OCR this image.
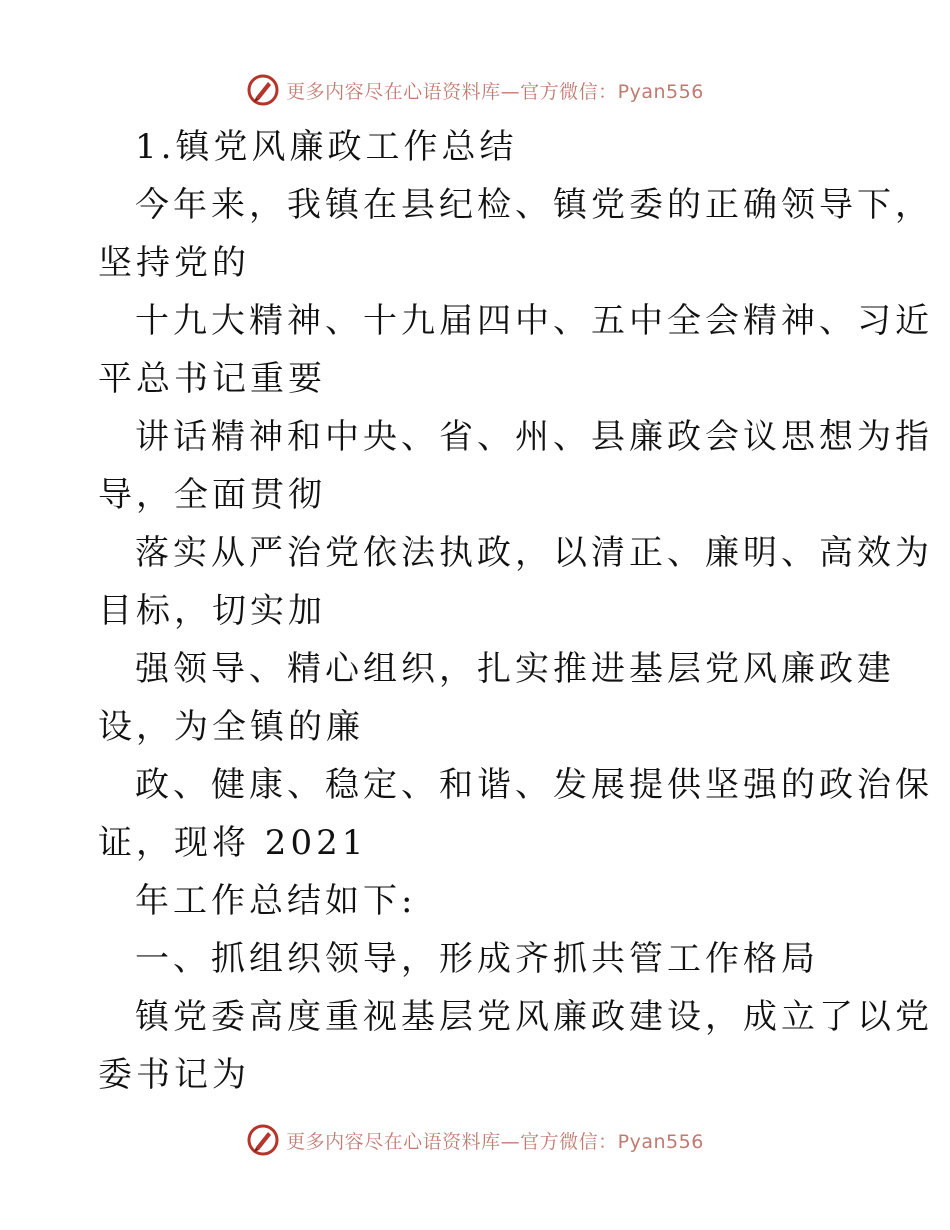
更多内容尽在心语资料库—官方微信：Pyan556
1.镇党风廉政工作总结
今年来，我镇在县纪检、镇党委的正确领导下，
坚持党的
十九大精神、十九届四中、五中全会精神、习近
平总书记重要
讲话精神和中央、省、州、县廉政会议思想为指
导，全面贯彻
落实从严治党依法执政，以清正、廉明、高效为
目标，切实加
强领导、精心组织，扎实推进基层党风廉政建
设，为全镇的廉
政、健康、稳定、和谐、发展提供坚强的政治保
证，现将 2021
年工作总结如下:
一、抓组织领导，形成齐抓共管工作格局
镇党委高度重视基层党风廉政建设，成立了以党
委书记为
更多内容尽在心语资料库—官方微信：Pyan556
